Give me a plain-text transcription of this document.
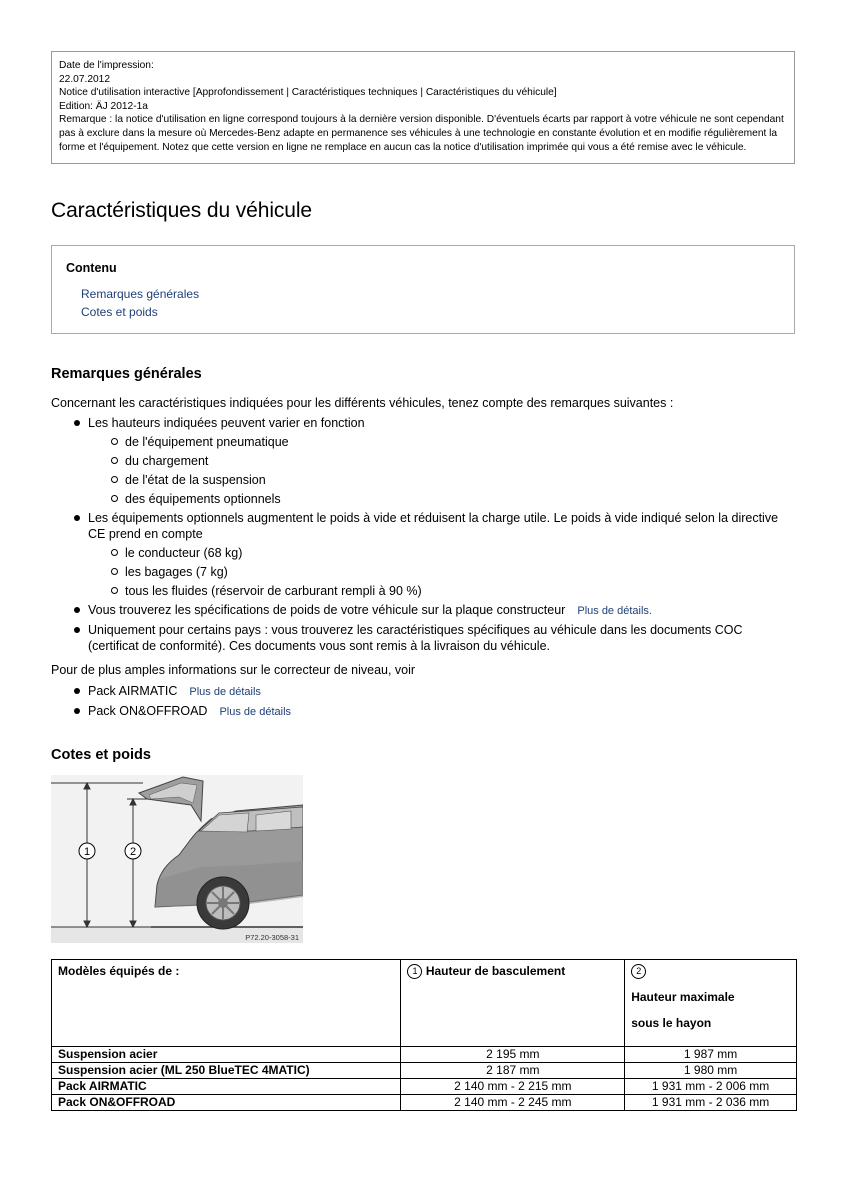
Date de l'impression:
22.07.2012
Notice d'utilisation interactive [Approfondissement | Caractéristiques techniques | Caractéristiques du véhicule]
Edition: ÄJ 2012-1a
Remarque : la notice d'utilisation en ligne correspond toujours à la dernière version disponible. D'éventuels écarts par rapport à votre véhicule ne sont cependant pas à exclure dans la mesure où Mercedes-Benz adapte en permanence ses véhicules à une technologie en constante évolution et en modifie régulièrement la forme et l'équipement. Notez que cette version en ligne ne remplace en aucun cas la notice d'utilisation imprimée qui vous a été remise avec le véhicule.
Caractéristiques du véhicule
Contenu
Remarques générales
Cotes et poids
Remarques générales
Concernant les caractéristiques indiquées pour les différents véhicules, tenez compte des remarques suivantes :
Les hauteurs indiquées peuvent varier en fonction
de l'équipement pneumatique
du chargement
de l'état de la suspension
des équipements optionnels
Les équipements optionnels augmentent le poids à vide et réduisent la charge utile. Le poids à vide indiqué selon la directive CE prend en compte
le conducteur (68 kg)
les bagages (7 kg)
tous les fluides (réservoir de carburant rempli à 90 %)
Vous trouverez les spécifications de poids de votre véhicule sur la plaque constructeur Plus de détails.
Uniquement pour certains pays : vous trouverez les caractéristiques spécifiques au véhicule dans les documents COC (certificat de conformité). Ces documents vous sont remis à la livraison du véhicule.
Pour de plus amples informations sur le correcteur de niveau, voir
Pack AIRMATIC Plus de détails
Pack ON&OFFROAD Plus de détails
Cotes et poids
1	2
P72.20-3058-31
Modèles équipés de :	1 Hauteur de basculement	2
Hauteur maximale
sous le hayon

Suspension acier	2 195 mm	1 987 mm
Suspension acier (ML 250 BlueTEC 4MATIC)	2 187 mm	1 980 mm
Pack AIRMATIC	2 140 mm - 2 215 mm	1 931 mm - 2 006 mm
Pack ON&OFFROAD	2 140 mm - 2 245 mm	1 931 mm - 2 036 mm
